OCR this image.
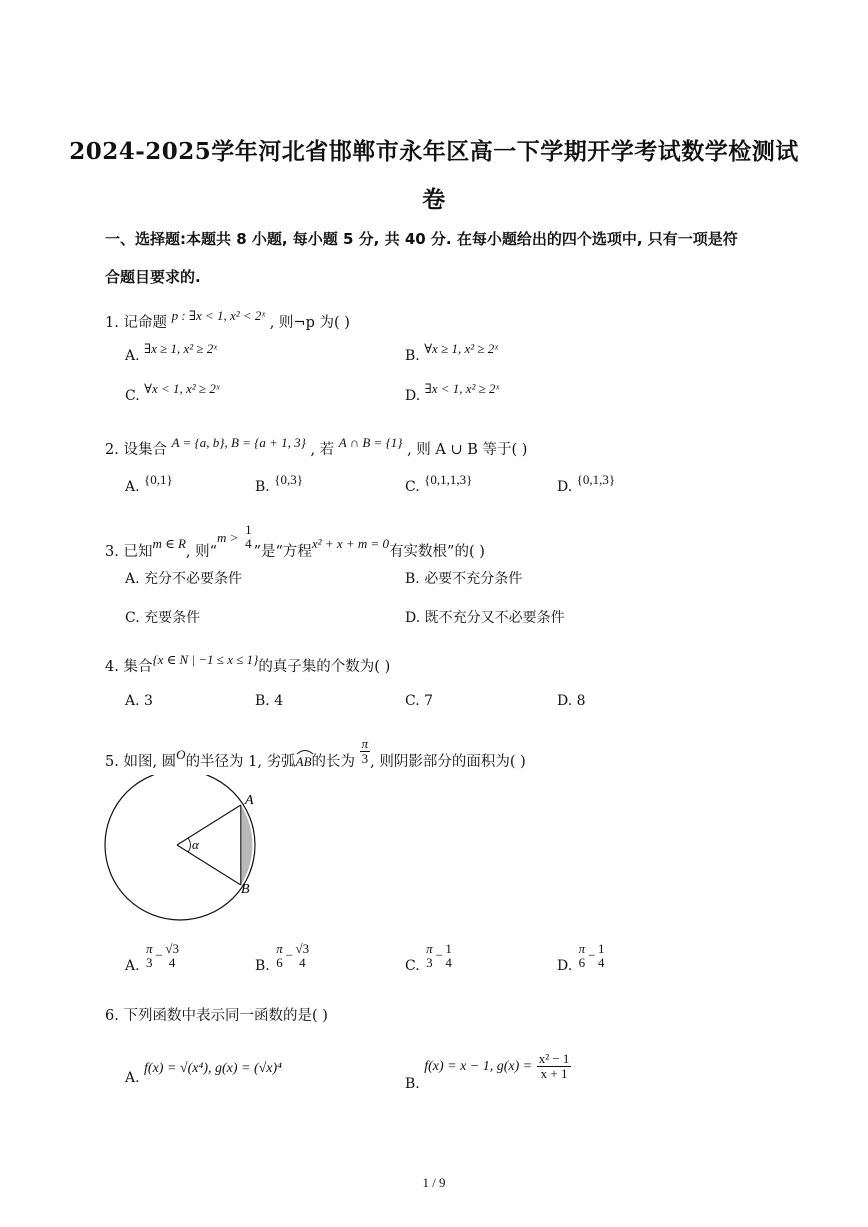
2024-2025学年河北省邯郸市永年区高一下学期开学考试数学检测试
卷
一、选择题:本题共 8 小题, 每小题 5 分, 共 40 分. 在每小题给出的四个选项中, 只有一项是符
合题目要求的.
1. 记命题 p : ∃x < 1, x² < 2ˣ , 则¬p 为( )
A. ∃x ≥ 1, x² ≥ 2ˣ	B. ∀x ≥ 1, x² ≥ 2ˣ
C. ∀x < 1, x² ≥ 2ˣ	D. ∃x < 1, x² ≥ 2ˣ
2. 设集合 A = {a, b}, B = {a + 1, 3} , 若 A ∩ B = {1} , 则 A ∪ B 等于( )
A. {0,1}	B. {0,3}	C. {0,1,1,3}	D. {0,1,3}
3. 已知m ∈ R, 则“m >
1
4
”是“方程x² + x + m = 0有实数根”的( )
A. 充分不必要条件	B. 必要不充分条件
C. 充要条件	D. 既不充分又不必要条件
4. 集合{x ∈ N | −1 ≤ x ≤ 1}的真子集的个数为( )
A. 3	B. 4	C. 7	D. 8
5. 如图, 圆O的半径为 1, 劣弧
AB的长为 $\frac{\pi}{3}$ , 则阴影部分的面积为( )
α
A
B
A.
π
3 − √3
4	B.
π
6 − √3
4	C.
π
3 − 1
4	D.
π
6 − 1
4
6. 下列函数中表示同一函数的是( )
A. f(x) = √(x⁴), g(x) = (√x)⁴
B. f(x) = x − 1, $g(x) = \frac{\text{x² − 1}}{x + 1}$
1 / 9
